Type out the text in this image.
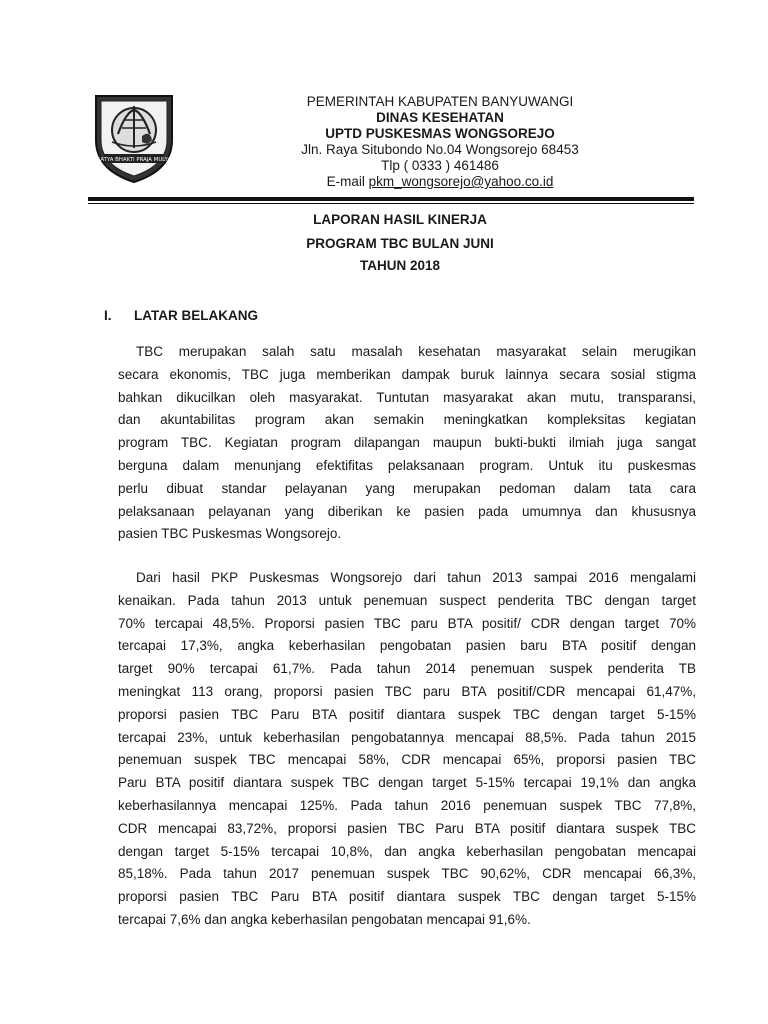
SATYA BHAKTI PRAJA MULYA
PEMERINTAH KABUPATEN BANYUWANGI
DINAS KESEHATAN
UPTD PUSKESMAS WONGSOREJO
Jln. Raya Situbondo No.04 Wongsorejo 68453
Tlp ( 0333 ) 461486
E-mail pkm_wongsorejo@yahoo.co.id
LAPORAN HASIL KINERJA
PROGRAM TBC BULAN JUNI
TAHUN 2018
I. LATAR BELAKANG
TBC merupakan salah satu masalah kesehatan masyarakat selain merugikan
secara ekonomis, TBC juga memberikan dampak buruk lainnya secara sosial stigma
bahkan dikucilkan oleh masyarakat. Tuntutan masyarakat akan mutu, transparansi,
dan akuntabilitas program akan semakin meningkatkan kompleksitas kegiatan
program TBC. Kegiatan program dilapangan maupun bukti-bukti ilmiah juga sangat
berguna dalam menunjang efektifitas pelaksanaan program. Untuk itu puskesmas
perlu dibuat standar pelayanan yang merupakan pedoman dalam tata cara
pelaksanaan pelayanan yang diberikan ke pasien pada umumnya dan khususnya
pasien TBC Puskesmas Wongsorejo.
Dari hasil PKP Puskesmas Wongsorejo dari tahun 2013 sampai 2016 mengalami
kenaikan. Pada tahun 2013 untuk penemuan suspect penderita TBC dengan target
70% tercapai 48,5%. Proporsi pasien TBC paru BTA positif/ CDR dengan target 70%
tercapai 17,3%, angka keberhasilan pengobatan pasien baru BTA positif dengan
target 90% tercapai 61,7%. Pada tahun 2014 penemuan suspek penderita TB
meningkat 113 orang, proporsi pasien TBC paru BTA positif/CDR mencapai 61,47%,
proporsi pasien TBC Paru BTA positif diantara suspek TBC dengan target 5-15%
tercapai 23%, untuk keberhasilan pengobatannya mencapai 88,5%. Pada tahun 2015
penemuan suspek TBC mencapai 58%, CDR mencapai 65%, proporsi pasien TBC
Paru BTA positif diantara suspek TBC dengan target 5-15% tercapai 19,1% dan angka
keberhasilannya mencapai 125%. Pada tahun 2016 penemuan suspek TBC 77,8%,
CDR mencapai 83,72%, proporsi pasien TBC Paru BTA positif diantara suspek TBC
dengan target 5-15% tercapai 10,8%, dan angka keberhasilan pengobatan mencapai
85,18%. Pada tahun 2017 penemuan suspek TBC 90,62%, CDR mencapai 66,3%,
proporsi pasien TBC Paru BTA positif diantara suspek TBC dengan target 5-15%
tercapai 7,6% dan angka keberhasilan pengobatan mencapai 91,6%.
